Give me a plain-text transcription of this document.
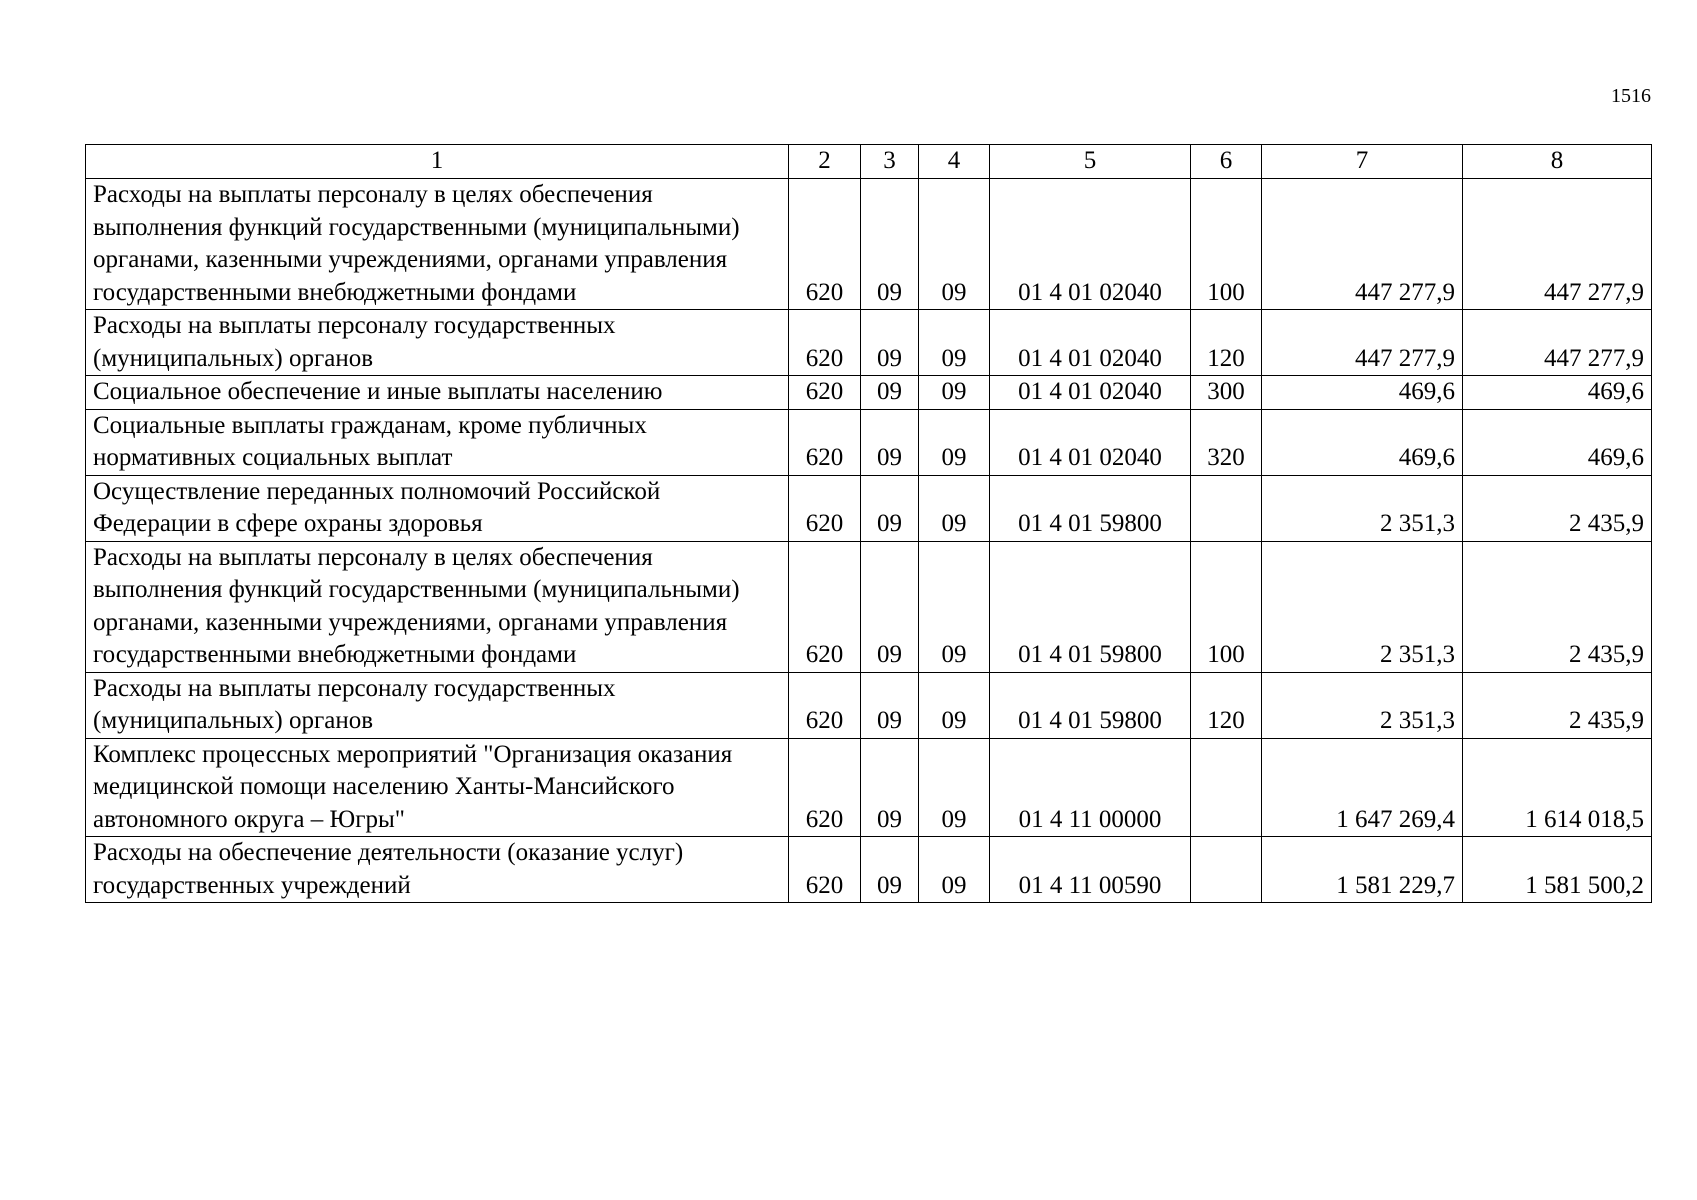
1516
1	2	3	4	5	6	7	8
Расходы на выплаты персоналу в целях обеспечения выполнения функций государственными (муниципальными) органами, казенными учреждениями, органами управления государственными внебюджетными фондами	620	09	09	01 4 01 02040	100	447 277,9	447 277,9
Расходы на выплаты персоналу государственных (муниципальных) органов	620	09	09	01 4 01 02040	120	447 277,9	447 277,9
Социальное обеспечение и иные выплаты населению	620	09	09	01 4 01 02040	300	469,6	469,6
Социальные выплаты гражданам, кроме публичных нормативных социальных выплат	620	09	09	01 4 01 02040	320	469,6	469,6
Осуществление переданных полномочий Российской Федерации в сфере охраны здоровья	620	09	09	01 4 01 59800		2 351,3	2 435,9
Расходы на выплаты персоналу в целях обеспечения выполнения функций государственными (муниципальными) органами, казенными учреждениями, органами управления государственными внебюджетными фондами	620	09	09	01 4 01 59800	100	2 351,3	2 435,9
Расходы на выплаты персоналу государственных (муниципальных) органов	620	09	09	01 4 01 59800	120	2 351,3	2 435,9
Комплекс процессных мероприятий "Организация оказания медицинской помощи населению Ханты-Мансийского автономного округа – Югры"	620	09	09	01 4 11 00000		1 647 269,4	1 614 018,5
Расходы на обеспечение деятельности (оказание услуг) государственных учреждений	620	09	09	01 4 11 00590		1 581 229,7	1 581 500,2
